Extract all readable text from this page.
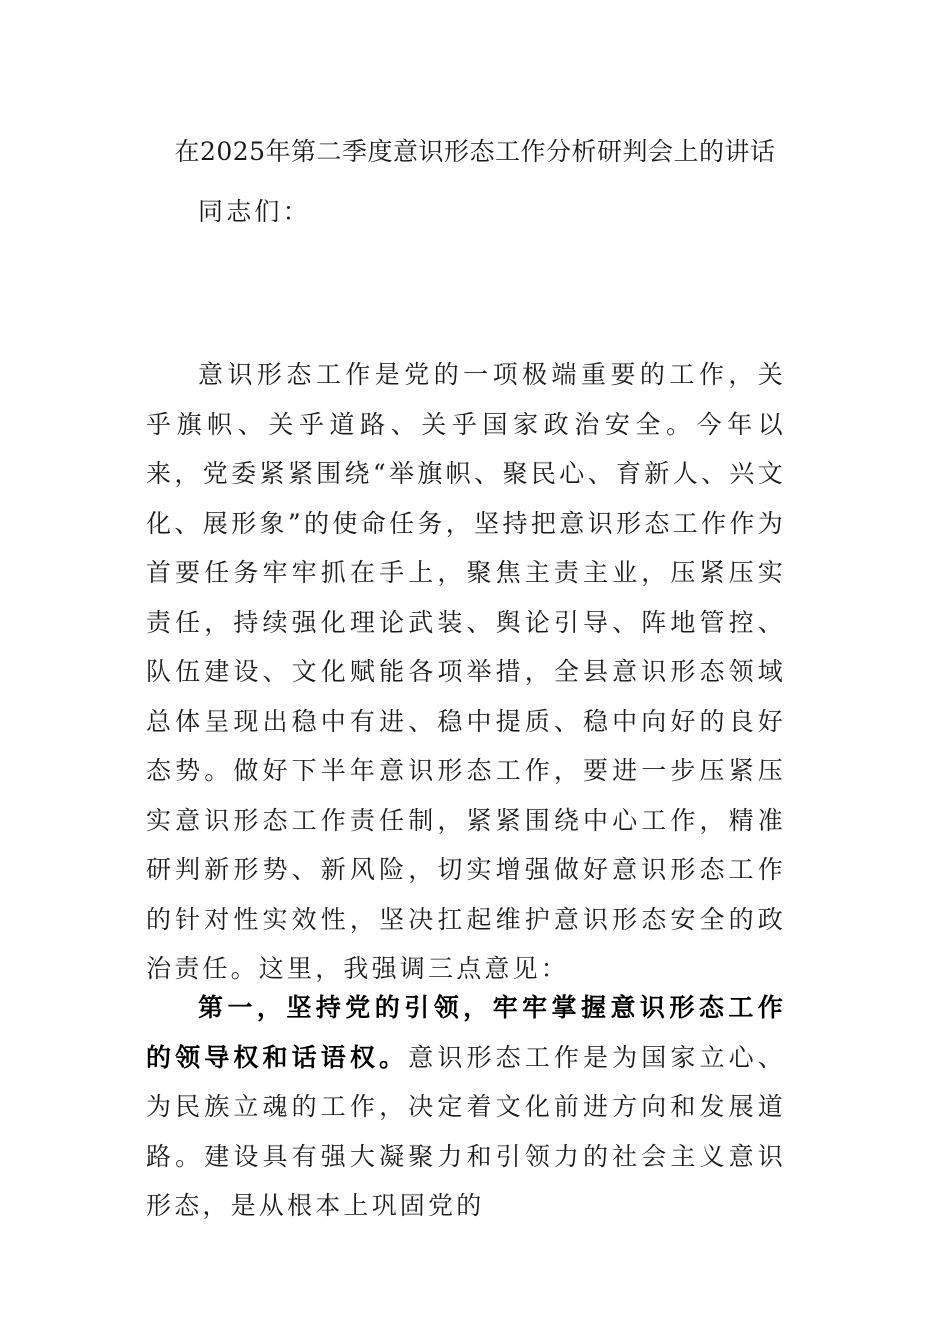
在2025年第二季度意识形态工作分析研判会上的讲话

同志们：

意识形态工作是党的一项极端重要的工作，关乎旗帜、关乎道路、关乎国家政治安全。今年以来，党委紧紧围绕“举旗帜、聚民心、育新人、兴文化、展形象”的使命任务，坚持把意识形态工作作为首要任务牢牢抓在手上，聚焦主责主业，压紧压实责任，持续强化理论武装、舆论引导、阵地管控、队伍建设、文化赋能各项举措，全县意识形态领域总体呈现出稳中有进、稳中提质、稳中向好的良好态势。做好下半年意识形态工作，要进一步压紧压实意识形态工作责任制，紧紧围绕中心工作，精准研判新形势、新风险，切实增强做好意识形态工作的针对性实效性，坚决扛起维护意识形态安全的政治责任。这里，我强调三点意见：

第一，坚持党的引领，牢牢掌握意识形态工作的领导权和话语权。意识形态工作是为国家立心、为民族立魂的工作，决定着文化前进方向和发展道路。建设具有强大凝聚力和引领力的社会主义意识形态，是从根本上巩固党的
